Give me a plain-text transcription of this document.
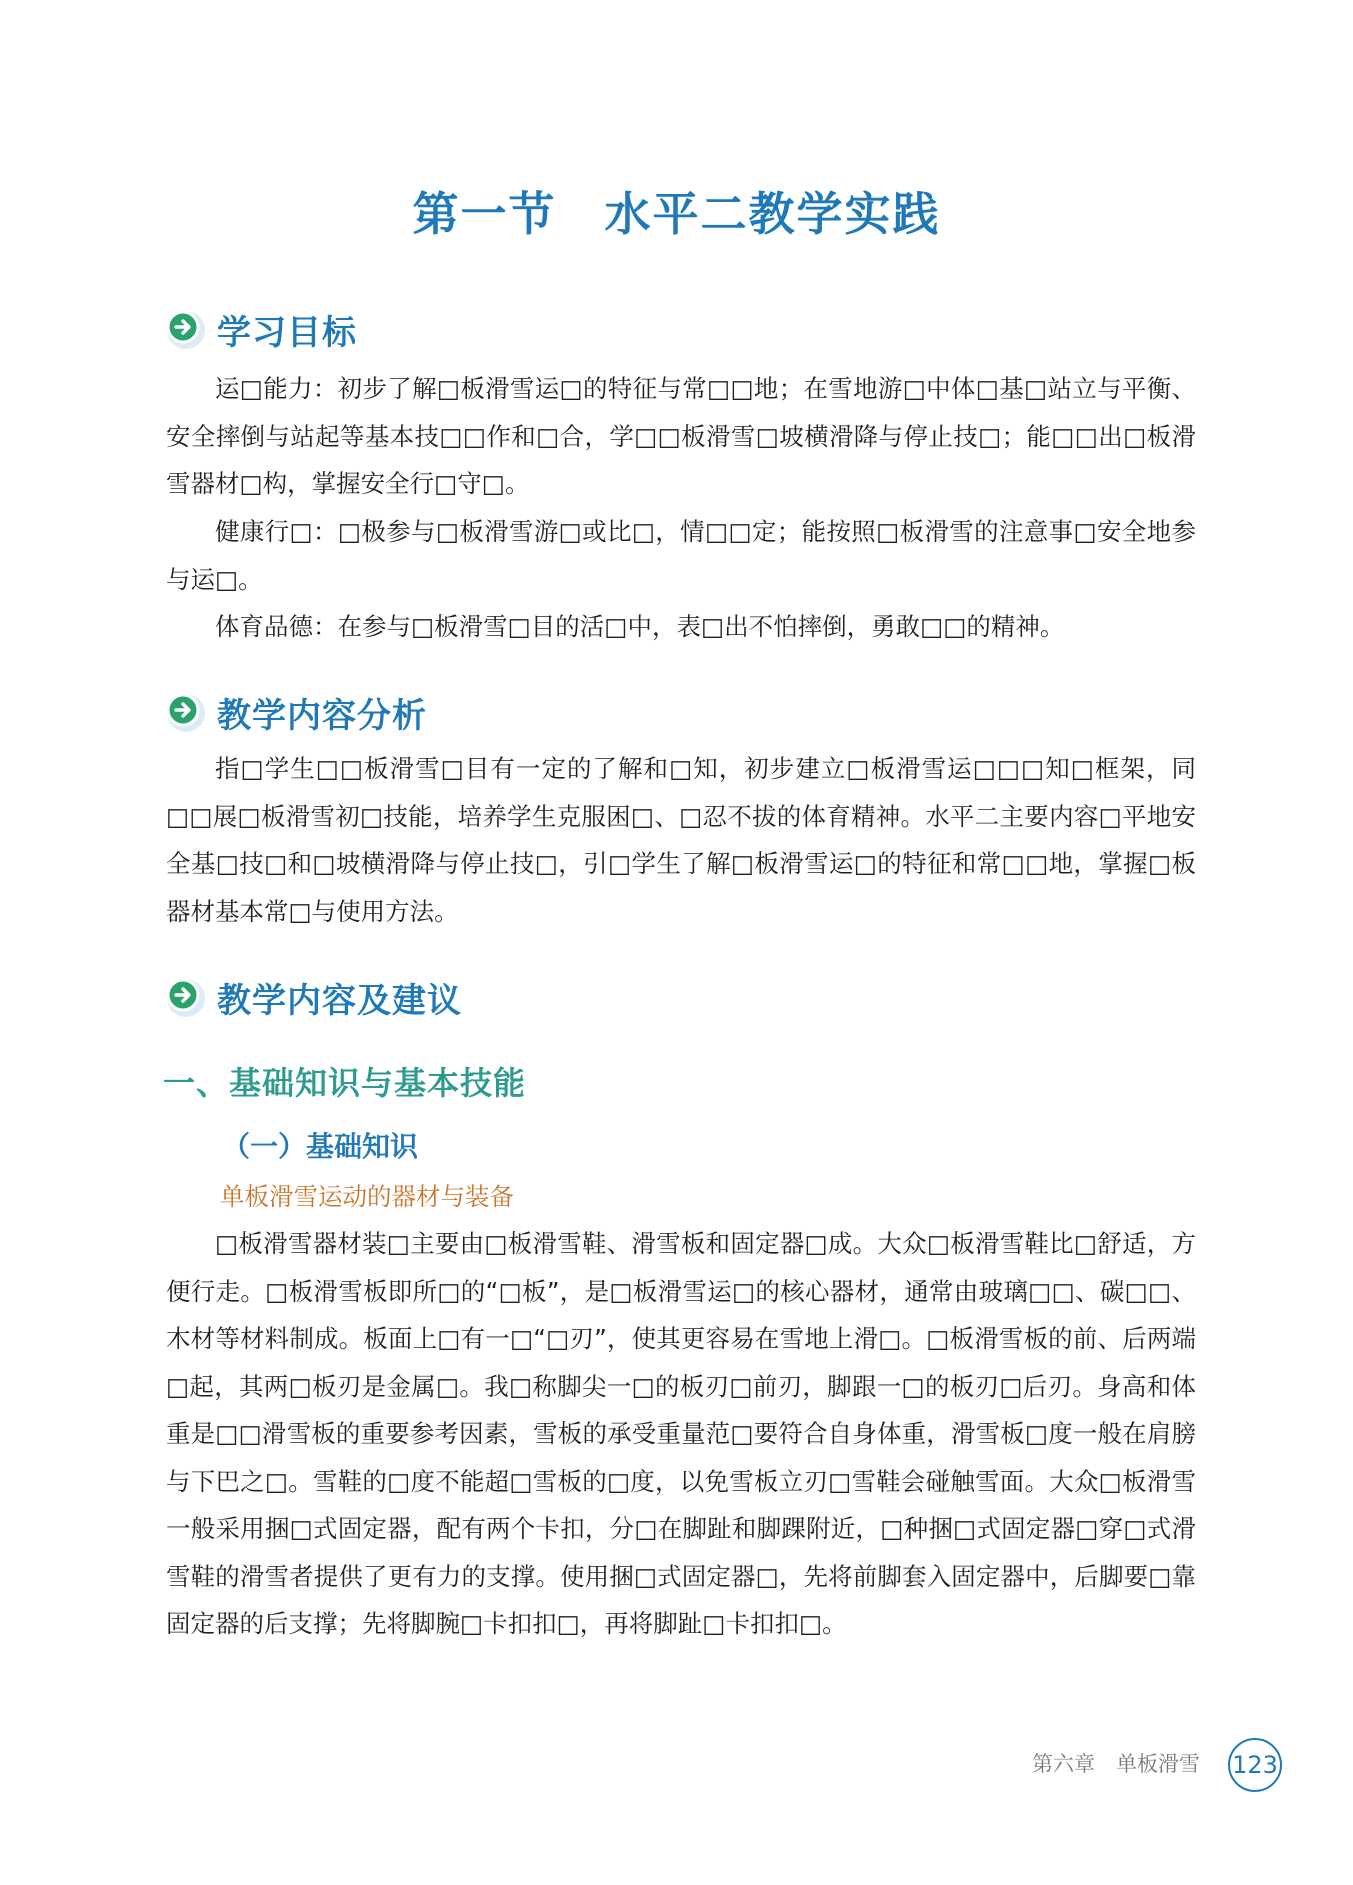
第一节　水平二教学实践
学习目标

运□能力：初步了解□板滑雪运□的特征与常□□地；在雪地游□中体□基□站立与平衡、安全摔倒与站起等基本技□□作和□合，学□□板滑雪□坡横滑降与停止技□；能□□出□板滑雪器材□构，掌握安全行□守□。

健康行□：□极参与□板滑雪游□或比□，情□□定；能按照□板滑雪的注意事□安全地参与运□。

体育品德：在参与□板滑雪□目的活□中，表□出不怕摔倒，勇敢□□的精神。

教学内容分析

指□学生□□板滑雪□目有一定的了解和□知，初步建立□板滑雪运□□□知□框架，同□□展□板滑雪初□技能，培养学生克服困□、□忍不拔的体育精神。水平二主要内容□平地安全基□技□和□坡横滑降与停止技□，引□学生了解□板滑雪运□的特征和常□□地，掌握□板器材基本常□与使用方法。

教学内容及建议
一、基础知识与基本技能
（一）基础知识
单板滑雪运动的器材与装备

□板滑雪器材装□主要由□板滑雪鞋、滑雪板和固定器□成。大众□板滑雪鞋比□舒适，方便行走。□板滑雪板即所□的“□板”，是□板滑雪运□的核心器材，通常由玻璃□□、碳□□、木材等材料制成。板面上□有一□“□刃”，使其更容易在雪地上滑□。□板滑雪板的前、后两端□起，其两□板刃是金属□。我□称脚尖一□的板刃□前刃，脚跟一□的板刃□后刃。身高和体重是□□滑雪板的重要参考因素，雪板的承受重量范□要符合自身体重，滑雪板□度一般在肩膀与下巴之□。雪鞋的□度不能超□雪板的□度，以免雪板立刃□雪鞋会碰触雪面。大众□板滑雪一般采用捆□式固定器，配有两个卡扣，分□在脚趾和脚踝附近，□种捆□式固定器□穿□式滑雪鞋的滑雪者提供了更有力的支撑。使用捆□式固定器□，先将前脚套入固定器中，后脚要□靠固定器的后支撑；先将脚腕□卡扣扣□，再将脚趾□卡扣扣□。

第六章　单板滑雪 123
